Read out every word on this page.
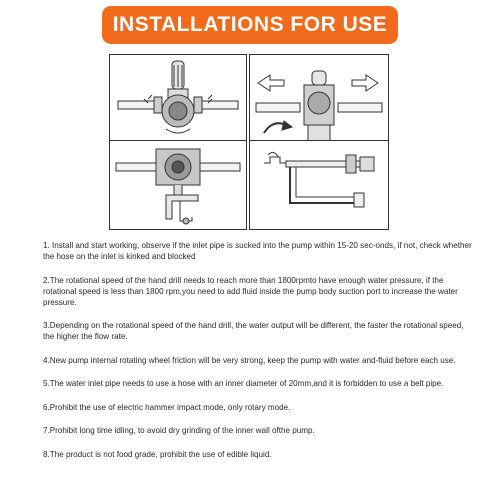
INSTALLATIONS FOR USE

1. Install and start working, observe if the inlet pipe is sucked into the pump within 15-20 sec-onds, if not, check whether the hose on the inlet is kinked and blocked

2.The rotational speed of the hand drill needs to reach more than 1800rpmto have enough water pressure, if the rotational speed is less than 1800 rpm,you need to add fluid inside the pump body suction port to increase the water pressure.

3.Depending on the rotational speed of the hand drill, the water output will be different, the faster the rotational speed, the higher the flow rate.

4.New pump internal rotating wheel friction will be very strong, keep the pump with water and-fluid before each use.

5.The water inlet pipe needs to use a hose with an inner diameter of 20mm,and it is forbidden to use a belt pipe.

6.Prohibit the use of electric hammer impact mode, only rotary mode.

7.Prohibit long time idling, to avoid dry grinding of the inner wall ofthe pump.

8.The product is not food grade, prohibit the use of edible liquid.
